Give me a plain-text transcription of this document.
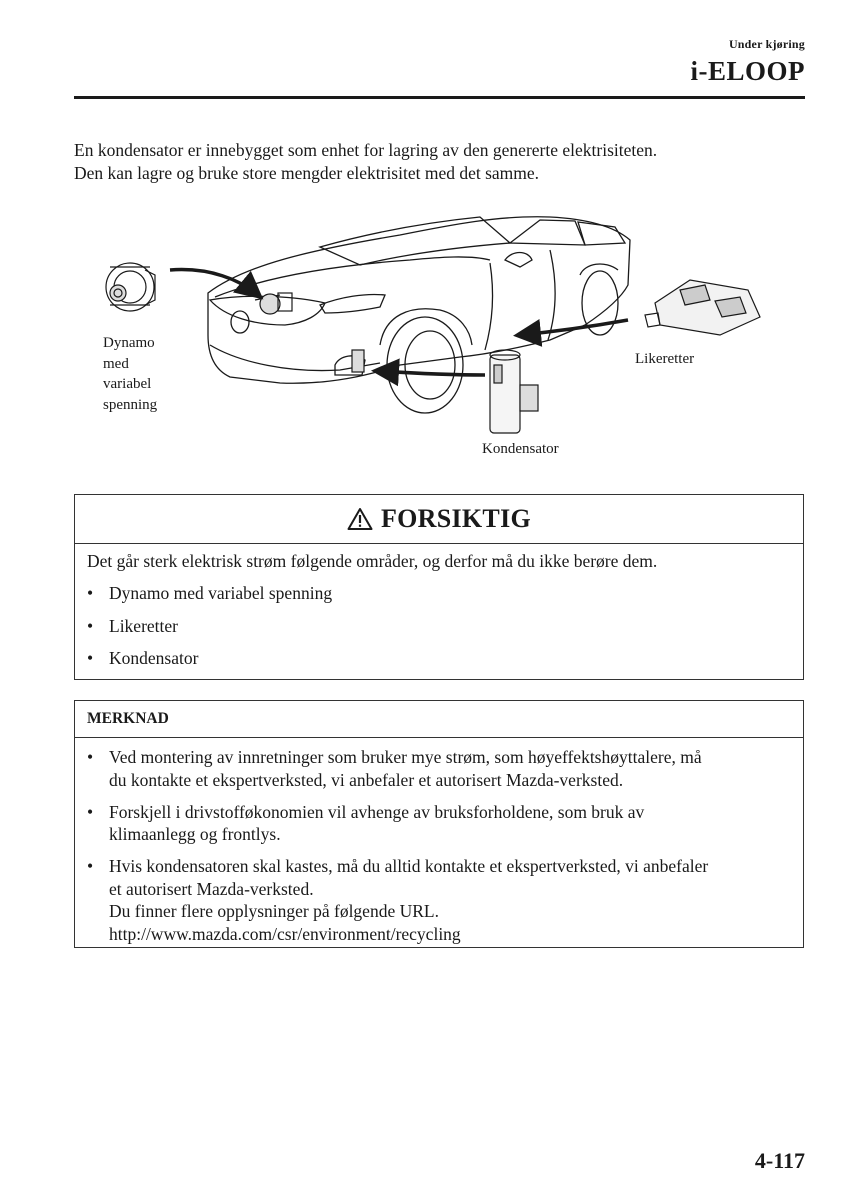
Under kjøring
i-ELOOP

En kondensator er innebygget som enhet for lagring av den genererte elektrisiteten.

Den kan lagre og bruke store mengder elektrisitet med det samme.

Dynamo
med
variabel
spenning
Likeretter
Kondensator
FORSIKTIG

Det går sterk elektrisk strøm følgende områder, og derfor må du ikke berøre dem.

• Dynamo med variabel spenning
• Likeretter
• Kondensator
MERKNAD
• Ved montering av innretninger som bruker mye strøm, som høyeffektshøyttalere, må
du kontakte et ekspertverksted, vi anbefaler et autorisert Mazda-verksted.
• Forskjell i drivstofføkonomien vil avhenge av bruksforholdene, som bruk av
klimaanlegg og frontlys.
• Hvis kondensatoren skal kastes, må du alltid kontakte et ekspertverksted, vi anbefaler
et autorisert Mazda-verksted.
Du finner flere opplysninger på følgende URL.
http://www.mazda.com/csr/environment/recycling
4-117
